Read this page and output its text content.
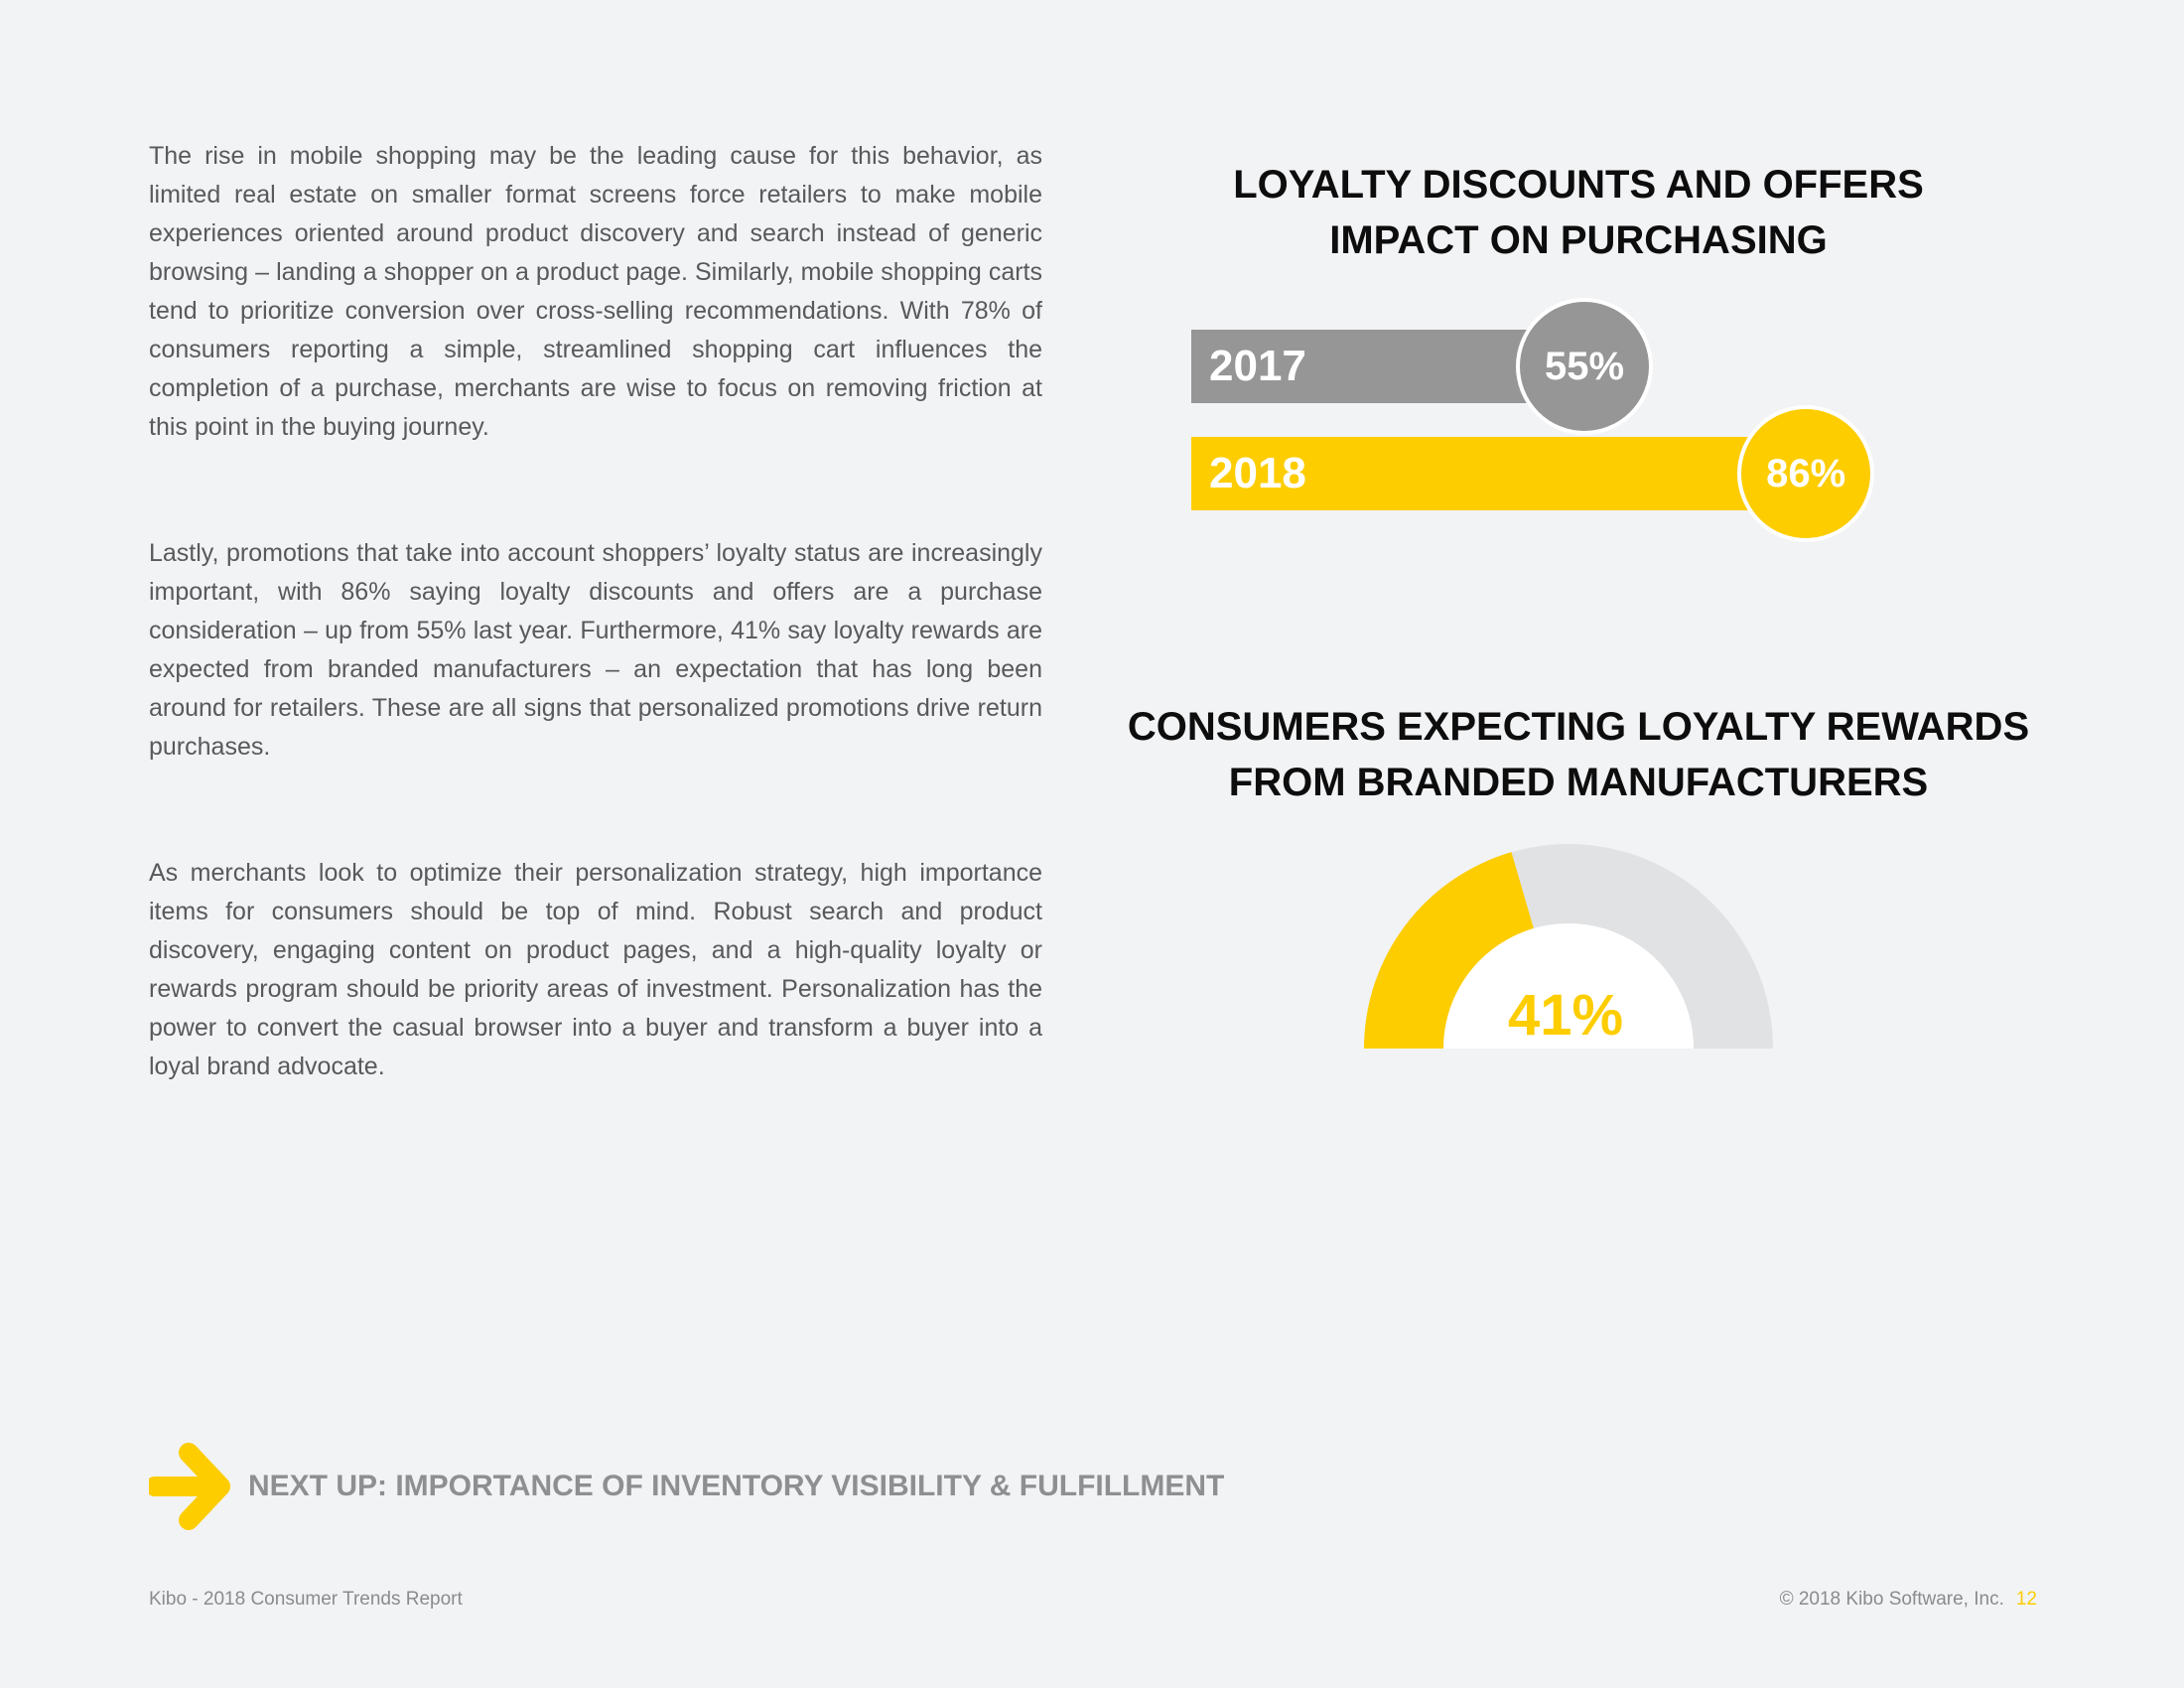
The rise in mobile shopping may be the leading cause for this behavior, as limited real estate on smaller format screens force retailers to make mobile experiences oriented around product discovery and search instead of generic browsing – landing a shopper on a product page. Similarly, mobile shopping carts tend to prioritize conversion over cross-selling recommendations. With 78% of consumers reporting a simple, streamlined shopping cart influences the completion of a purchase, merchants are wise to focus on removing friction at this point in the buying journey.

Lastly, promotions that take into account shoppers’ loyalty status are increasingly important, with 86% saying loyalty discounts and offers are a purchase consideration – up from 55% last year. Furthermore, 41% say loyalty rewards are expected from branded manufacturers – an expectation that has long been around for retailers. These are all signs that personalized promotions drive return purchases.

As merchants look to optimize their personalization strategy, high importance items for consumers should be top of mind. Robust search and product discovery, engaging content on product pages, and a high-quality loyalty or rewards program should be priority areas of investment. Personalization has the power to convert the casual browser into a buyer and transform a buyer into a loyal brand advocate.

LOYALTY DISCOUNTS AND OFFERS
IMPACT ON PURCHASING
2017	55%
2018	86%
CONSUMERS EXPECTING LOYALTY REWARDS
FROM BRANDED MANUFACTURERS
41%
NEXT UP: IMPORTANCE OF INVENTORY VISIBILITY & FULFILLMENT
Kibo - 2018 Consumer Trends Report	© 2018 Kibo Software, Inc. 12
